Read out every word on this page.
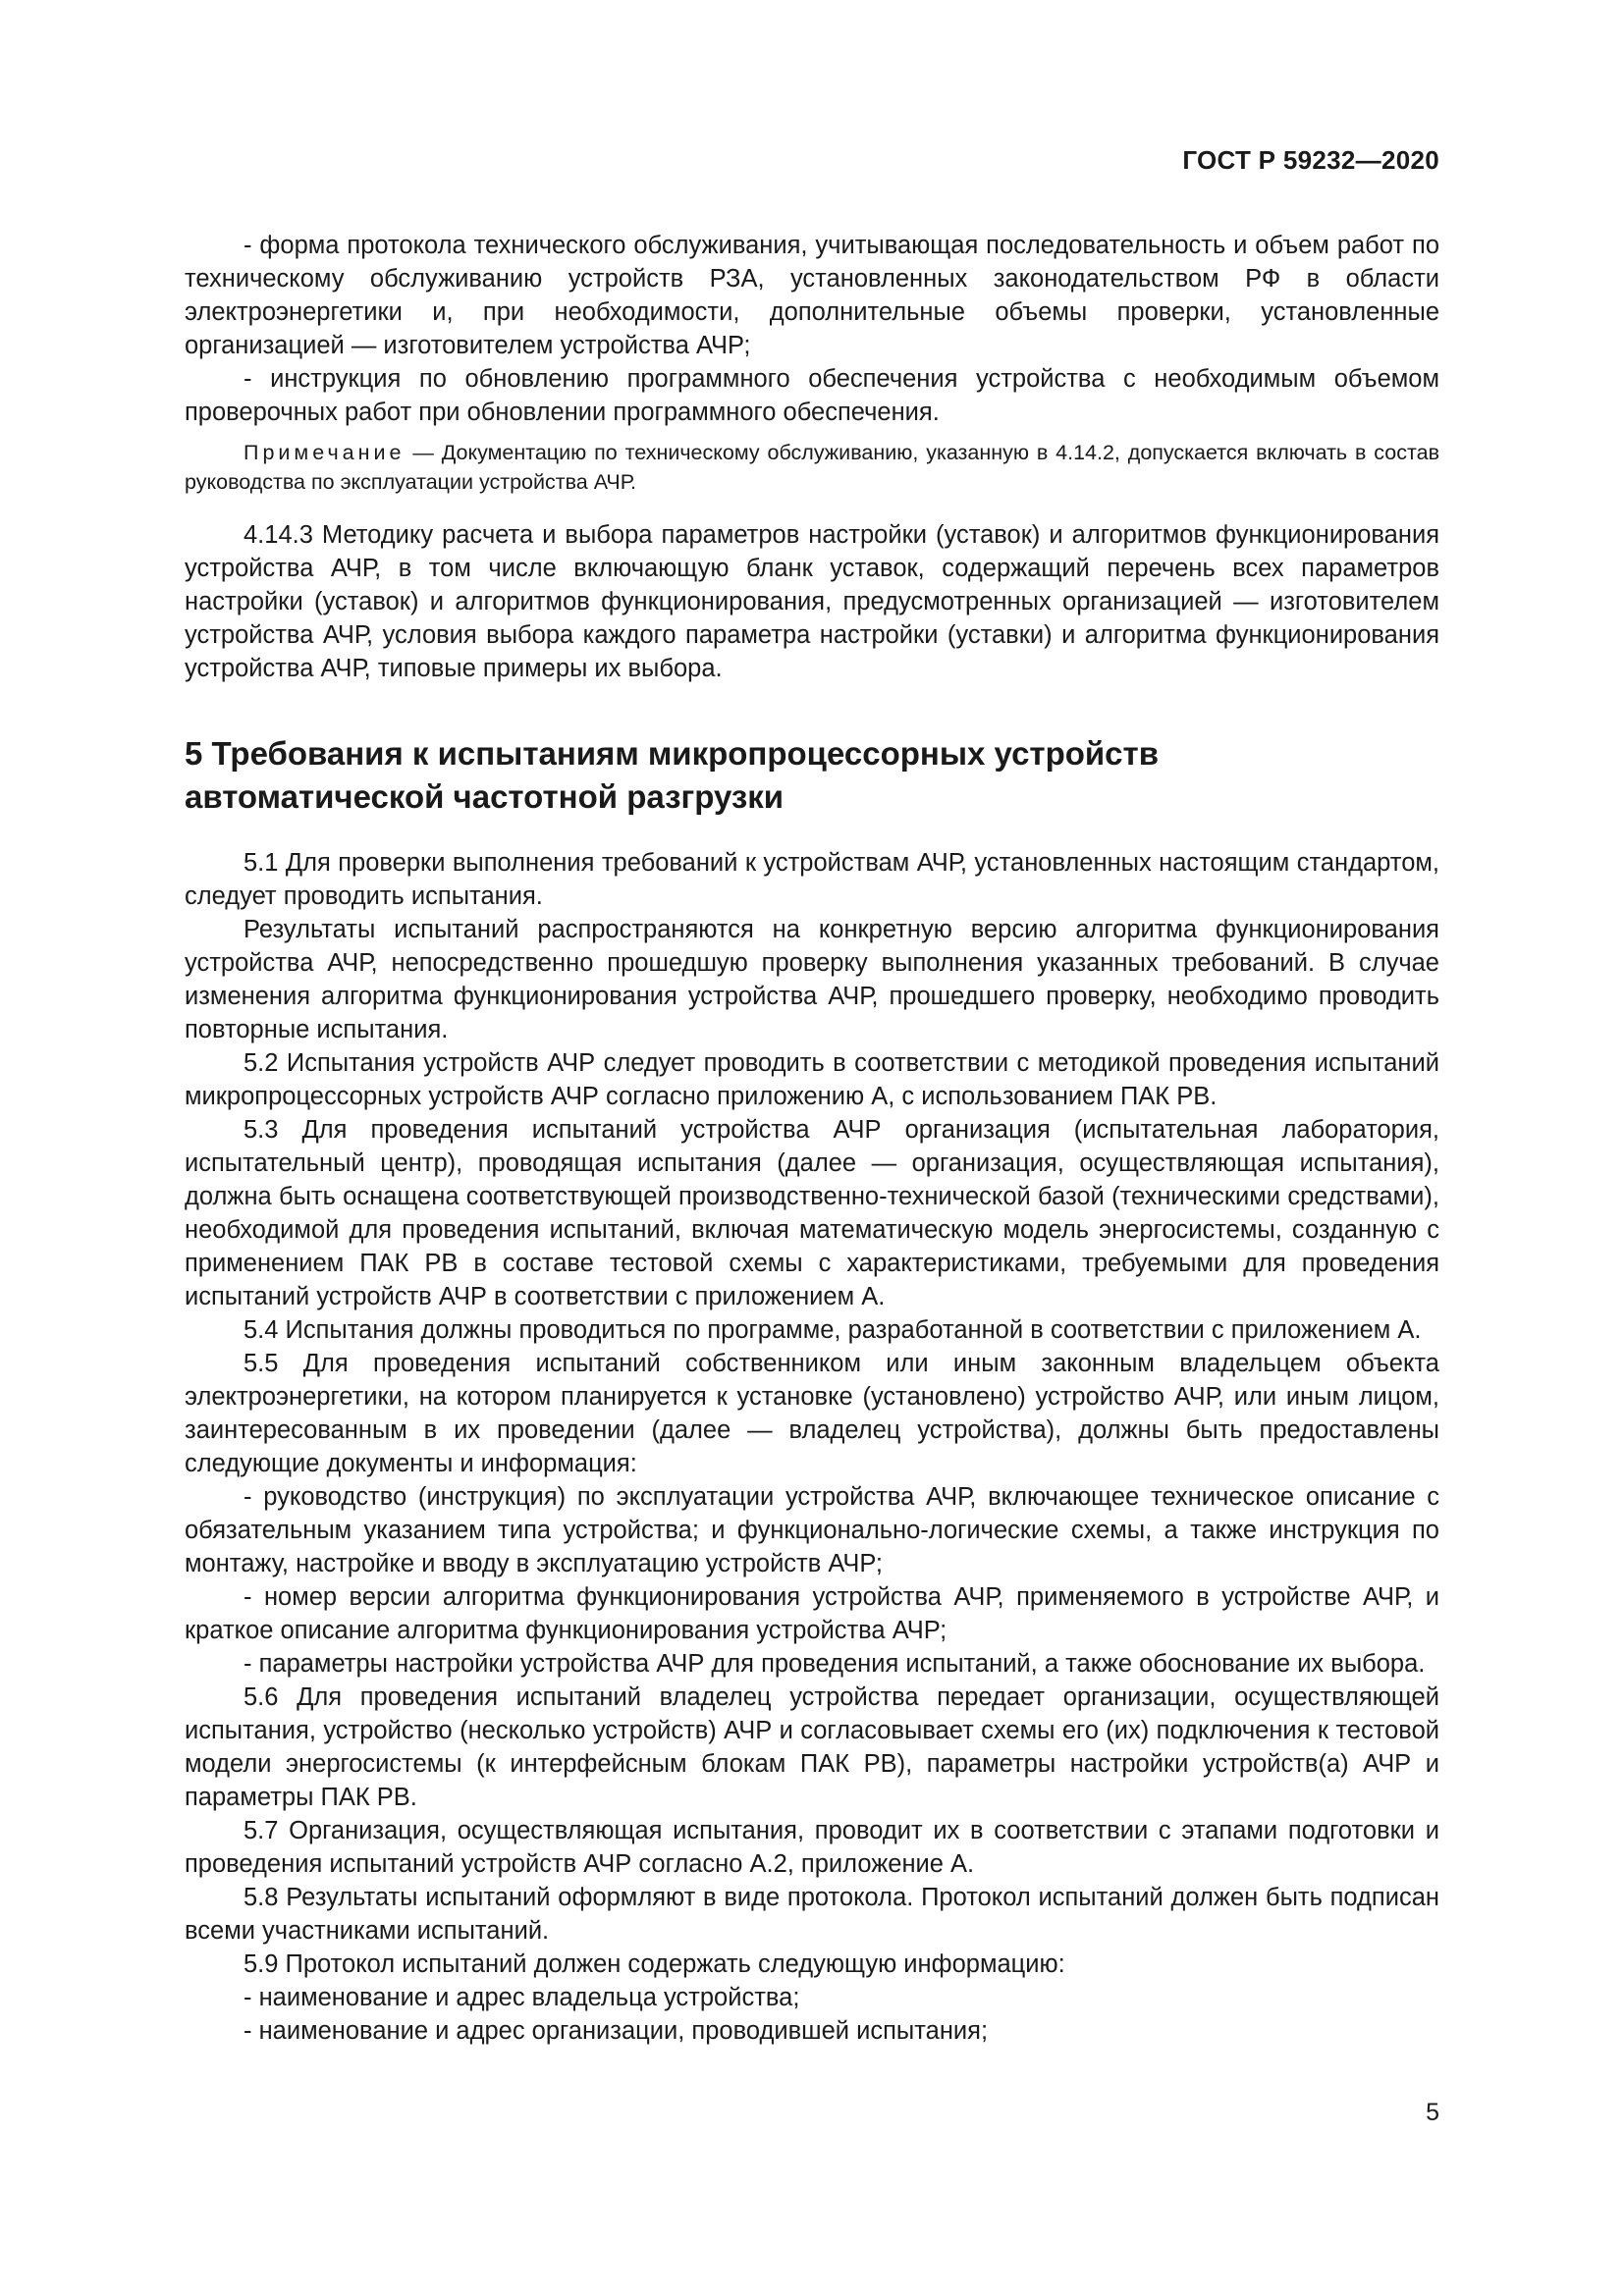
ГОСТ Р 59232—2020

- форма протокола технического обслуживания, учитывающая последовательность и объем работ по техническому обслуживанию устройств РЗА, установленных законодательством РФ в области электроэнергетики и, при необходимости, дополнительные объемы проверки, установленные организацией — изготовителем устройства АЧР;

- инструкция по обновлению программного обеспечения устройства с необходимым объемом проверочных работ при обновлении программного обеспечения.

Примечание — Документацию по техническому обслуживанию, указанную в 4.14.2, допускается включать в состав руководства по эксплуатации устройства АЧР.

4.14.3 Методику расчета и выбора параметров настройки (уставок) и алгоритмов функционирования устройства АЧР, в том числе включающую бланк уставок, содержащий перечень всех параметров настройки (уставок) и алгоритмов функционирования, предусмотренных организацией — изготовителем устройства АЧР, условия выбора каждого параметра настройки (уставки) и алгоритма функционирования устройства АЧР, типовые примеры их выбора.

5 Требования к испытаниям микропроцессорных устройств

автоматической частотной разгрузки

5.1 Для проверки выполнения требований к устройствам АЧР, установленных настоящим стандартом, следует проводить испытания.

Результаты испытаний распространяются на конкретную версию алгоритма функционирования устройства АЧР, непосредственно прошедшую проверку выполнения указанных требований. В случае изменения алгоритма функционирования устройства АЧР, прошедшего проверку, необходимо проводить повторные испытания.

5.2 Испытания устройств АЧР следует проводить в соответствии с методикой проведения испытаний микропроцессорных устройств АЧР согласно приложению А, с использованием ПАК РВ.

5.3 Для проведения испытаний устройства АЧР организация (испытательная лаборатория, испытательный центр), проводящая испытания (далее — организация, осуществляющая испытания), должна быть оснащена соответствующей производственно-технической базой (техническими средствами), необходимой для проведения испытаний, включая математическую модель энергосистемы, созданную с применением ПАК РВ в составе тестовой схемы с характеристиками, требуемыми для проведения испытаний устройств АЧР в соответствии с приложением А.

5.4 Испытания должны проводиться по программе, разработанной в соответствии с приложением А.

5.5 Для проведения испытаний собственником или иным законным владельцем объекта электроэнергетики, на котором планируется к установке (установлено) устройство АЧР, или иным лицом, заинтересованным в их проведении (далее — владелец устройства), должны быть предоставлены следующие документы и информация:

- руководство (инструкция) по эксплуатации устройства АЧР, включающее техническое описание с обязательным указанием типа устройства; и функционально-логические схемы, а также инструкция по монтажу, настройке и вводу в эксплуатацию устройств АЧР;

- номер версии алгоритма функционирования устройства АЧР, применяемого в устройстве АЧР, и краткое описание алгоритма функционирования устройства АЧР;

- параметры настройки устройства АЧР для проведения испытаний, а также обоснование их выбора.

5.6 Для проведения испытаний владелец устройства передает организации, осуществляющей испытания, устройство (несколько устройств) АЧР и согласовывает схемы его (их) подключения к тестовой модели энергосистемы (к интерфейсным блокам ПАК РВ), параметры настройки устройств(а) АЧР и параметры ПАК РВ.

5.7 Организация, осуществляющая испытания, проводит их в соответствии с этапами подготовки и проведения испытаний устройств АЧР согласно А.2, приложение А.

5.8 Результаты испытаний оформляют в виде протокола. Протокол испытаний должен быть подписан всеми участниками испытаний.

5.9 Протокол испытаний должен содержать следующую информацию:

- наименование и адрес владельца устройства;

- наименование и адрес организации, проводившей испытания;

5
